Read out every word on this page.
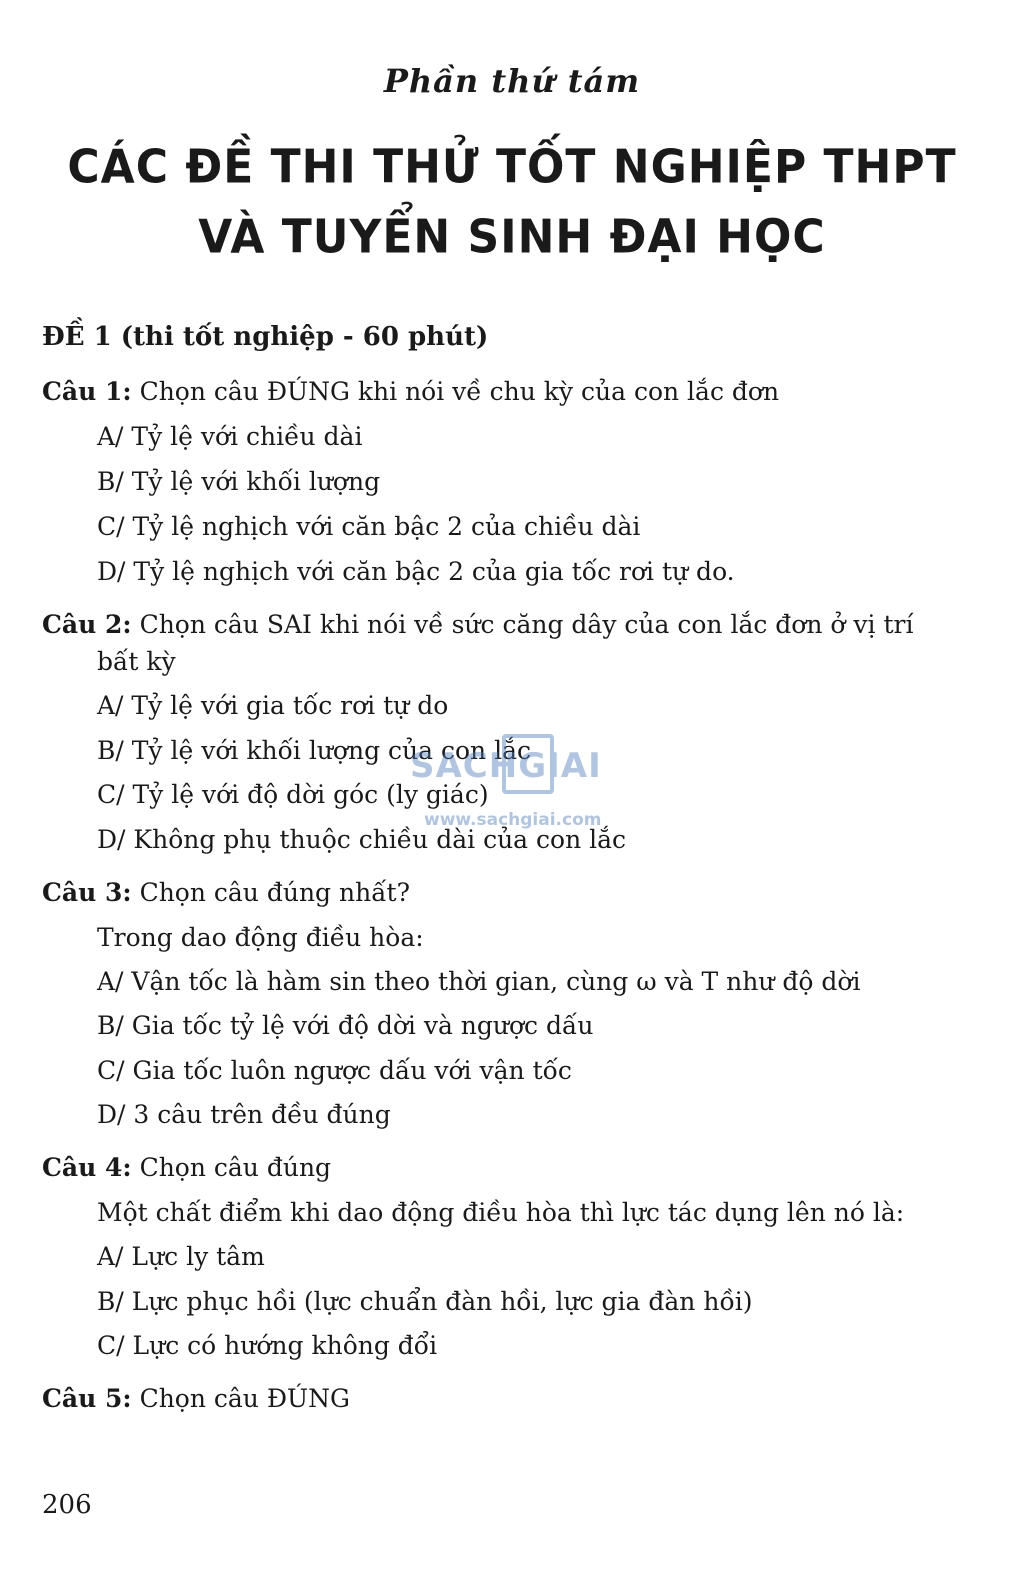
Phần thứ tám
CÁC ĐỀ THI THỬ TỐT NGHIỆP THPT
VÀ TUYỂN SINH ĐẠI HỌC
ĐỀ 1 (thi tốt nghiệp - 60 phút)
Câu 1: Chọn câu ĐÚNG khi nói về chu kỳ của con lắc đơn
A/ Tỷ lệ với chiều dài
B/ Tỷ lệ với khối lượng
C/ Tỷ lệ nghịch với căn bậc 2 của chiều dài
D/ Tỷ lệ nghịch với căn bậc 2 của gia tốc rơi tự do.
Câu 2: Chọn câu SAI khi nói về sức căng dây của con lắc đơn ở vị trí
bất kỳ
A/ Tỷ lệ với gia tốc rơi tự do
B/ Tỷ lệ với khối lượng của con lắc
C/ Tỷ lệ với độ dời góc (ly giác)
D/ Không phụ thuộc chiều dài của con lắc
Câu 3: Chọn câu đúng nhất?
Trong dao động điều hòa:
A/ Vận tốc là hàm sin theo thời gian, cùng ω và T như độ dời
B/ Gia tốc tỷ lệ với độ dời và ngược dấu
C/ Gia tốc luôn ngược dấu với vận tốc
D/ 3 câu trên đều đúng
Câu 4: Chọn câu đúng
Một chất điểm khi dao động điều hòa thì lực tác dụng lên nó là:
A/ Lực ly tâm
B/ Lực phục hồi (lực chuẩn đàn hồi, lực gia đàn hồi)
C/ Lực có hướng không đổi
Câu 5: Chọn câu ĐÚNG
SACHGIAI
www.sachgiai.com
206
